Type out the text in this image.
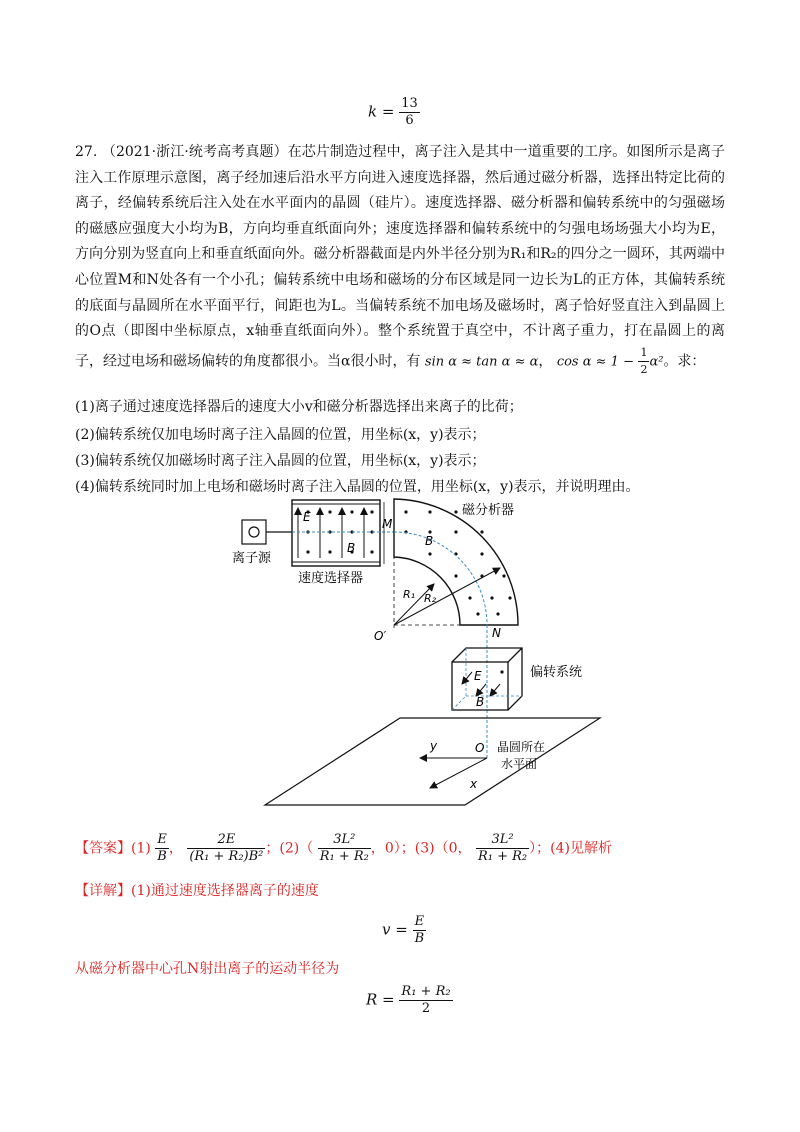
$k = \frac{13}{6}$
27. （2021·浙江·统考高考真题）在芯片制造过程中，离子注入是其中一道重要的工序。如图所示是离子注入工作原理示意图，离子经加速后沿水平方向进入速度选择器，然后通过磁分析器，选择出特定比荷的离子，经偏转系统后注入处在水平面内的晶圆（硅片）。速度选择器、磁分析器和偏转系统中的匀强磁场的磁感应强度大小均为B，方向均垂直纸面向外；速度选择器和偏转系统中的匀强电场场强大小均为E，方向分别为竖直向上和垂直纸面向外。磁分析器截面是内外半径分别为R₁和R₂的四分之一圆环，其两端中心位置M和N处各有一个小孔；偏转系统中电场和磁场的分布区域是同一边长为L的正方体，其偏转系统的底面与晶圆所在水平面平行，间距也为L。当偏转系统不加电场及磁场时，离子恰好竖直注入到晶圆上的O点（即图中坐标原点，x轴垂直纸面向外）。整个系统置于真空中，不计离子重力，打在晶圆上的离子，经过电场和磁场偏转的角度都很小。当α很小时，有 sin α ≈ tan α ≈ α， $\cos \alpha \approx 1 - \frac{1}{2} \alpha^2$。求：
(1)离子通过速度选择器后的速度大小v和磁分析器选择出来离子的比荷；
(2)偏转系统仅加电场时离子注入晶圆的位置，用坐标(x，y)表示；
(3)偏转系统仅加磁场时离子注入晶圆的位置，用坐标(x，y)表示；
(4)偏转系统同时加上电场和磁场时离子注入晶圆的位置，用坐标(x，y)表示，并说明理由。
离子源
E
B
速度选择器
M
B
R₁ R₂
O′	N
磁分析器
E
B
偏转系统
y
x
O 晶圆所在
水平面
【答案】$(1) \frac{E}{B}$ ， $\frac{2E}{\text{(R₁ + R₂)B²}}$ ；$(2)( \frac{\text{3L²}}{\text{R₁ + R₂}}$ ，0）；(3)（0， $\frac{\text{3L²}}{\text{R₁ + R₂}}$ ）；(4)见解析
【详解】(1)通过速度选择器离子的速度
$v = \frac{E}{B}$
从磁分析器中心孔N射出离子的运动半径为
$R = \frac{\text{R₁ + R₂}}{2}$
